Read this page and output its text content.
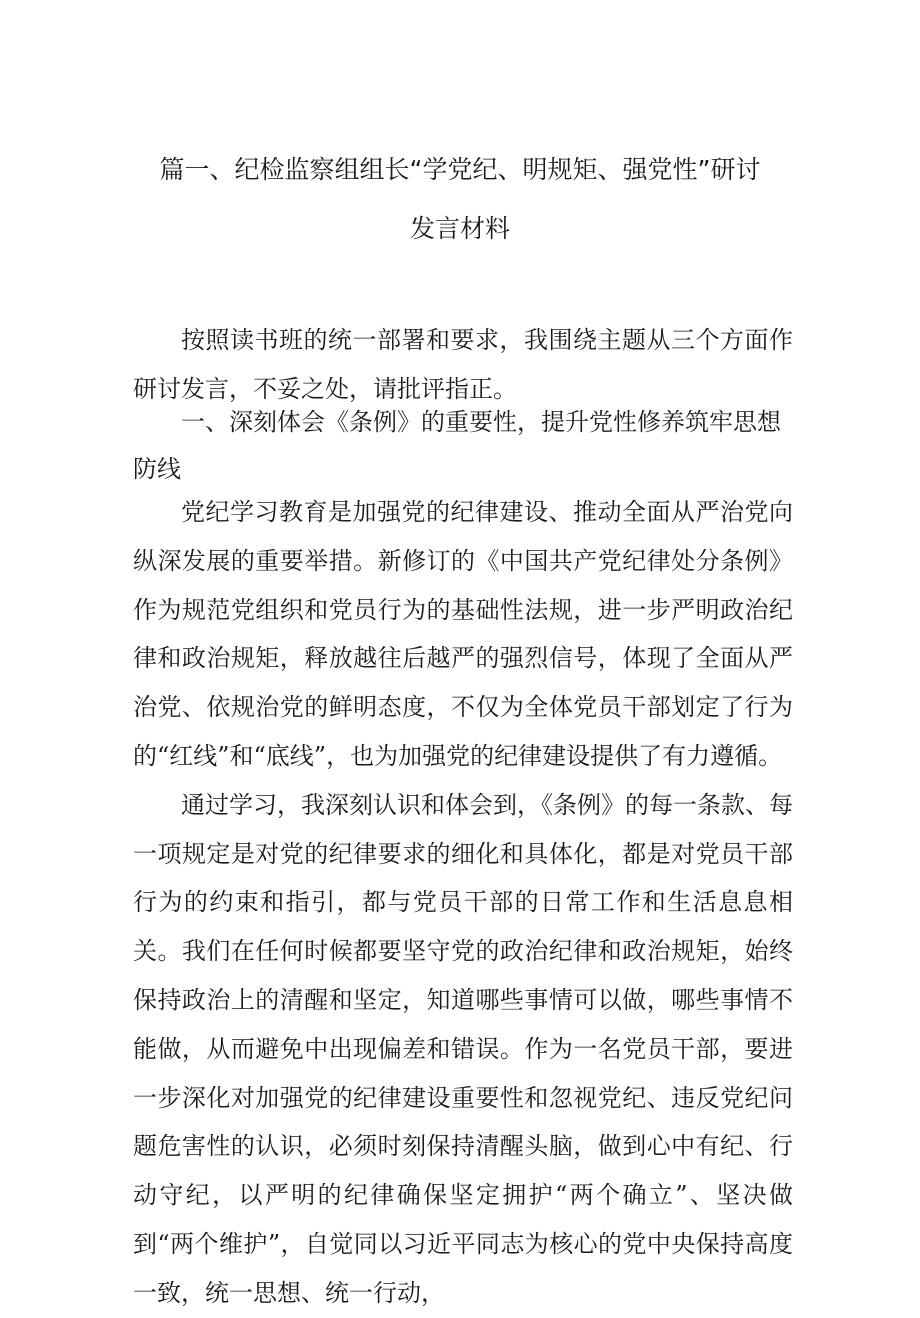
篇一、纪检监察组组长“学党纪、明规矩、强党性”研讨
发言材料

按照读书班的统一部署和要求，我围绕主题从三个方面作研讨发言，不妥之处，请批评指正。

一、深刻体会《条例》的重要性，提升党性修养筑牢思想防线

党纪学习教育是加强党的纪律建设、推动全面从严治党向纵深发展的重要举措。新修订的《中国共产党纪律处分条例》作为规范党组织和党员行为的基础性法规，进一步严明政治纪律和政治规矩，释放越往后越严的强烈信号，体现了全面从严治党、依规治党的鲜明态度，不仅为全体党员干部划定了行为的“红线”和“底线”，也为加强党的纪律建设提供了有力遵循。

通过学习，我深刻认识和体会到，《条例》的每一条款、每一项规定是对党的纪律要求的细化和具体化，都是对党员干部行为的约束和指引，都与党员干部的日常工作和生活息息相关。我们在任何时候都要坚守党的政治纪律和政治规矩，始终保持政治上的清醒和坚定，知道哪些事情可以做，哪些事情不能做，从而避免中出现偏差和错误。作为一名党员干部，要进一步深化对加强党的纪律建设重要性和忽视党纪、违反党纪问题危害性的认识，必须时刻保持清醒头脑，做到心中有纪、行动守纪，以严明的纪律确保坚定拥护“两个确立”、坚决做到“两个维护”，自觉同以习近平同志为核心的党中央保持高度一致，统一思想、统一行动，
